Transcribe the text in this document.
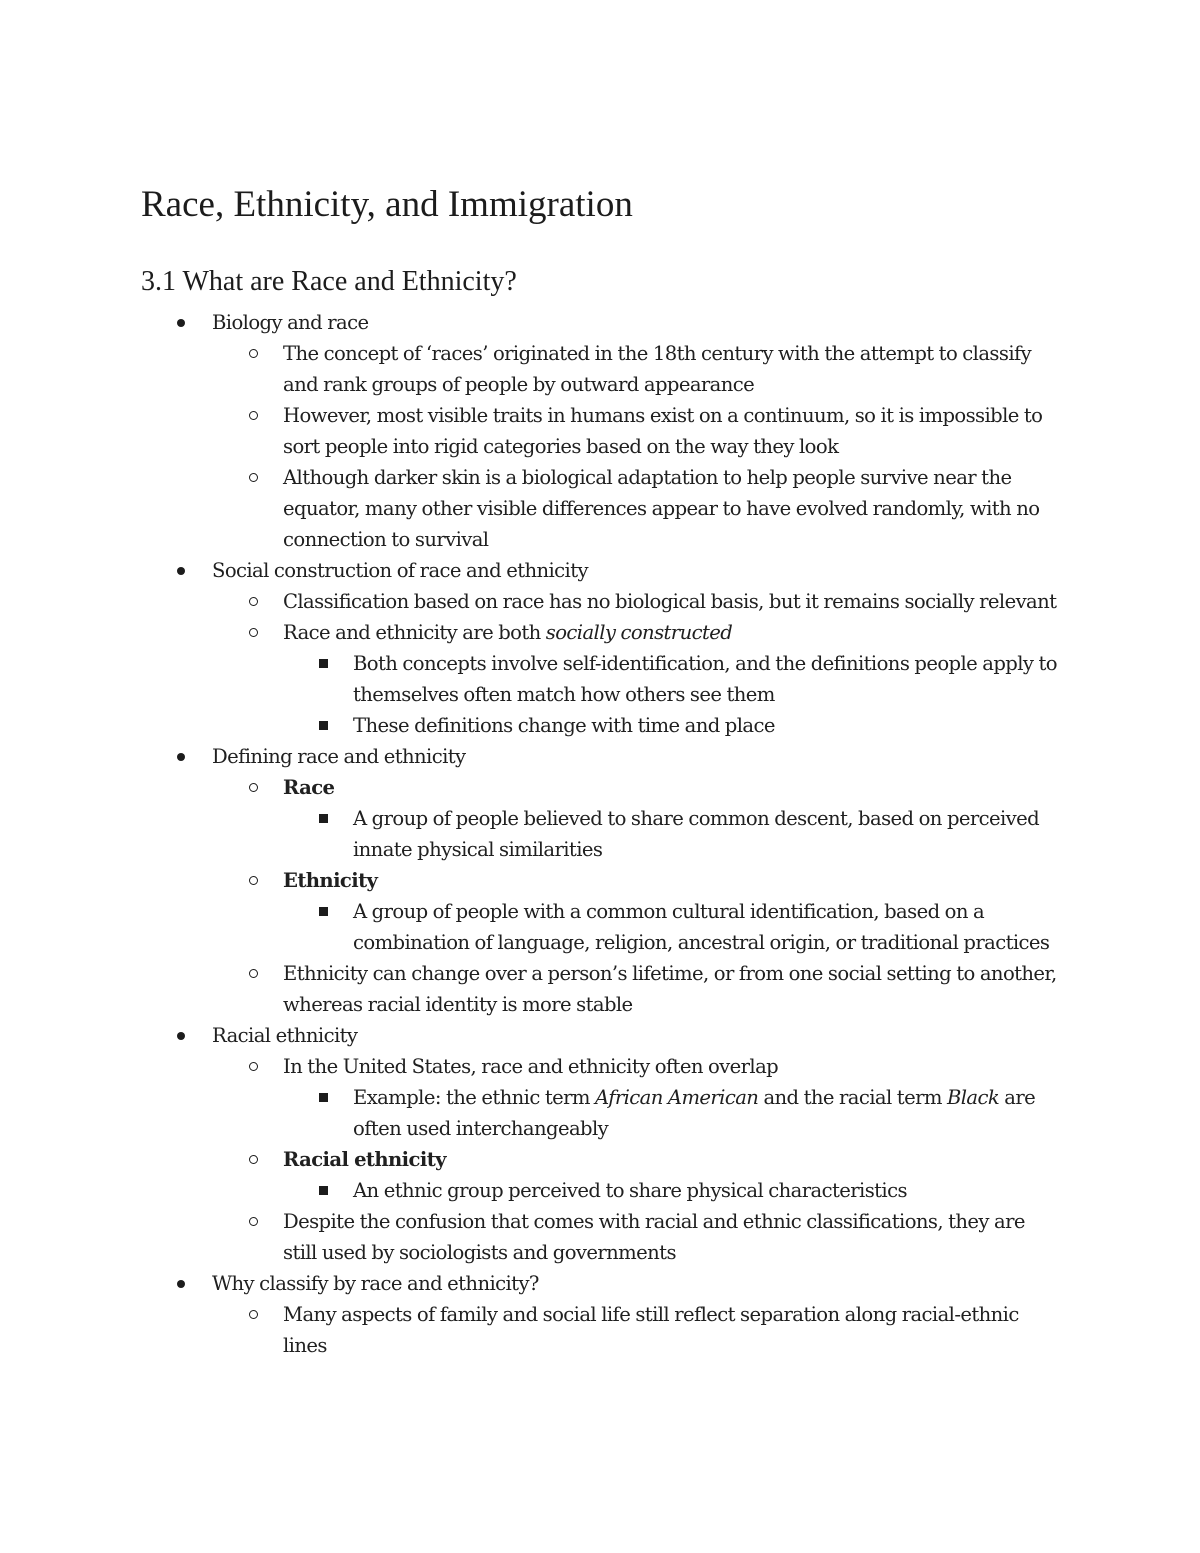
Race, Ethnicity, and Immigration
3.1 What are Race and Ethnicity?
Biology and race
The concept of ‘races’ originated in the 18th century with the attempt to classify and rank groups of people by outward appearance
However, most visible traits in humans exist on a continuum, so it is impossible to sort people into rigid categories based on the way they look
Although darker skin is a biological adaptation to help people survive near the equator, many other visible differences appear to have evolved randomly, with no connection to survival
Social construction of race and ethnicity
Classification based on race has no biological basis, but it remains socially relevant
Race and ethnicity are both socially constructed
Both concepts involve self-identification, and the definitions people apply to themselves often match how others see them
These definitions change with time and place
Defining race and ethnicity
Race
A group of people believed to share common descent, based on perceived innate physical similarities
Ethnicity
A group of people with a common cultural identification, based on a combination of language, religion, ancestral origin, or traditional practices
Ethnicity can change over a person’s lifetime, or from one social setting to another, whereas racial identity is more stable
Racial ethnicity
In the United States, race and ethnicity often overlap
Example: the ethnic term African American and the racial term Black are often used interchangeably
Racial ethnicity
An ethnic group perceived to share physical characteristics
Despite the confusion that comes with racial and ethnic classifications, they are still used by sociologists and governments
Why classify by race and ethnicity?
Many aspects of family and social life still reflect separation along racial-ethnic lines
